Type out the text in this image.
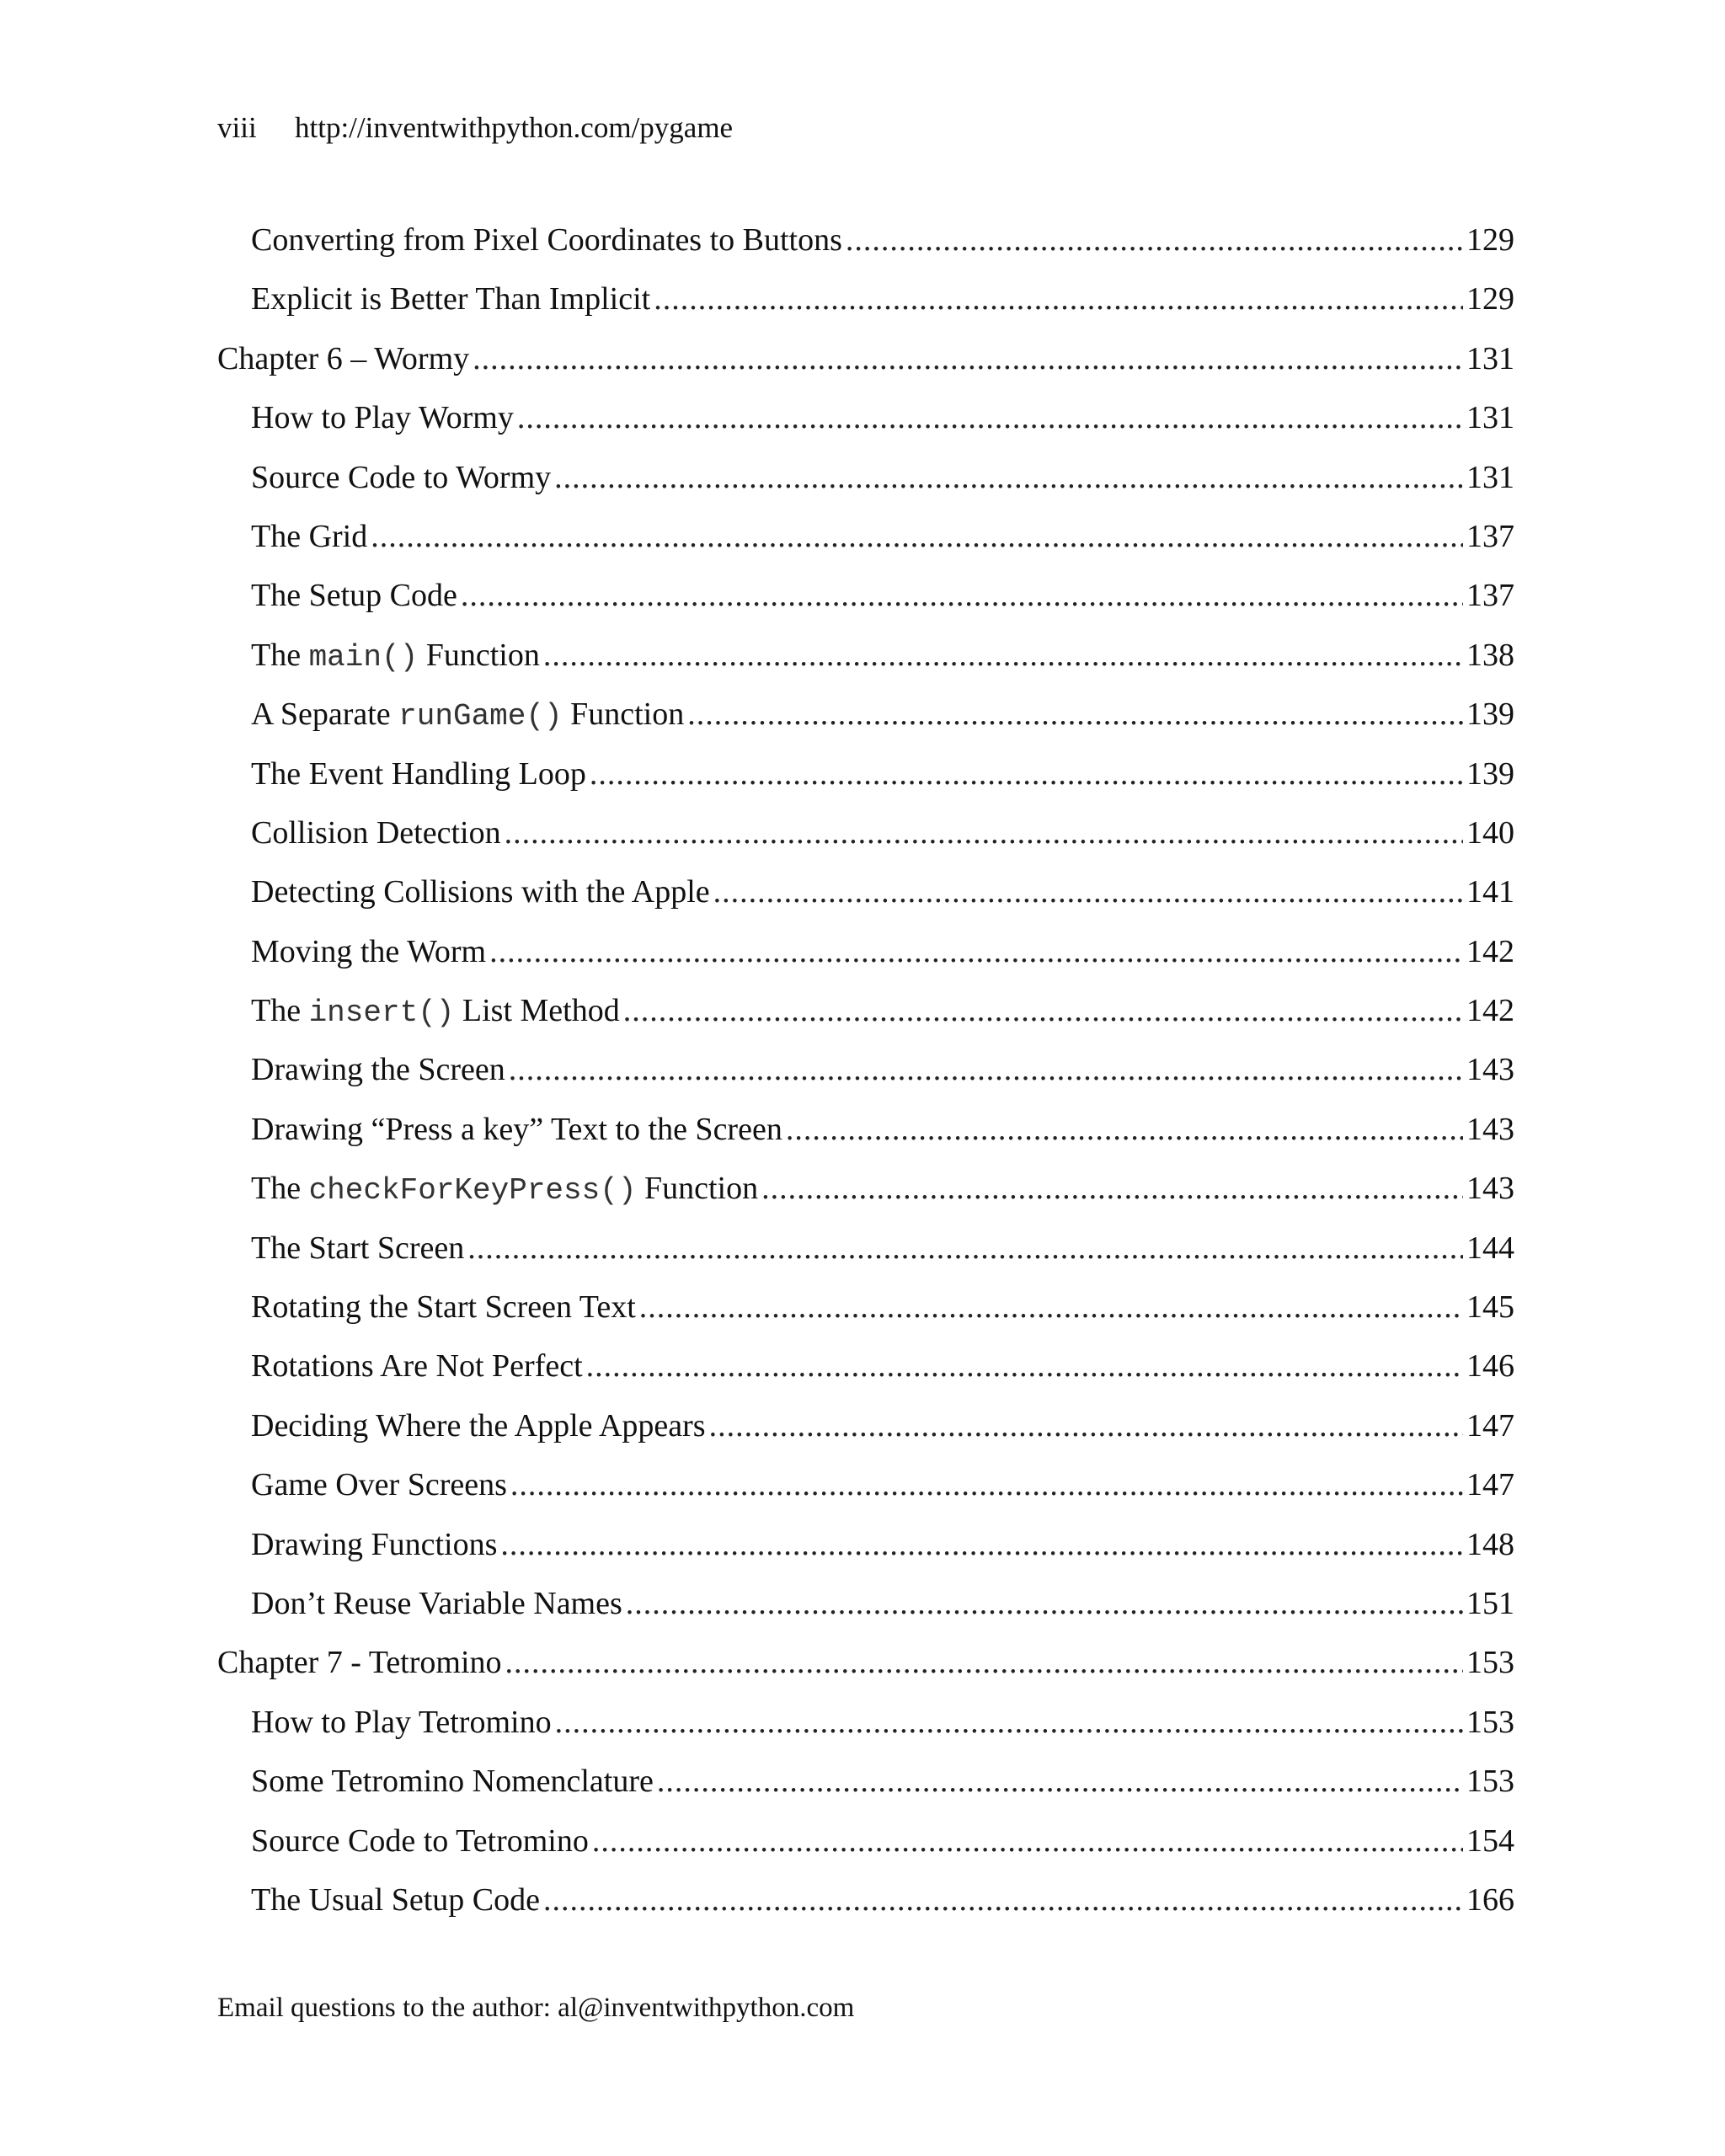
viii http://inventwithpython.com/pygame
Converting from Pixel Coordinates to Buttons .....	129
Explicit is Better Than Implicit .....	129
Chapter 6 – Wormy .....	131
How to Play Wormy .....	131
Source Code to Wormy .....	131
The Grid .....	137
The Setup Code .....	137
The main() Function .....	138
A Separate runGame() Function .....	139
The Event Handling Loop .....	139
Collision Detection .....	140
Detecting Collisions with the Apple .....	141
Moving the Worm .....	142
The insert() List Method .....	142
Drawing the Screen .....	143
Drawing “Press a key” Text to the Screen .....	143
The checkForKeyPress() Function .....	143
The Start Screen .....	144
Rotating the Start Screen Text .....	145
Rotations Are Not Perfect .....	146
Deciding Where the Apple Appears .....	147
Game Over Screens .....	147
Drawing Functions .....	148
Don’t Reuse Variable Names .....	151
Chapter 7 - Tetromino .....	153
How to Play Tetromino .....	153
Some Tetromino Nomenclature .....	153
Source Code to Tetromino .....	154
The Usual Setup Code .....	166
Email questions to the author: al@inventwithpython.com
